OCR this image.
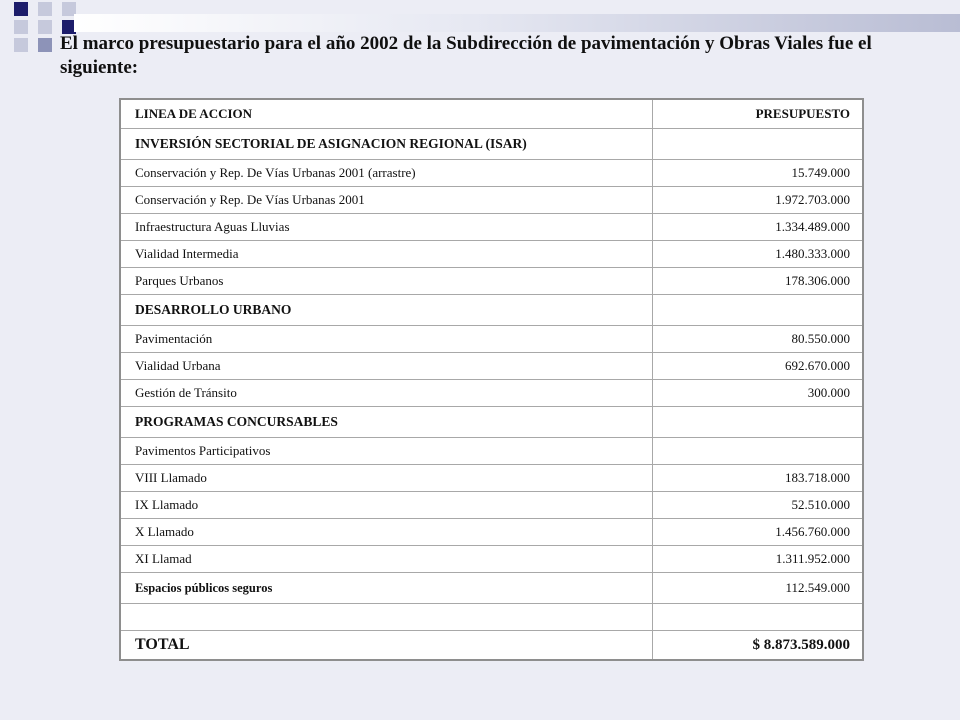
El marco presupuestario para el año 2002 de la Subdirección de pavimentación y Obras Viales fue el siguiente:
LINEA DE ACCION	PRESUPUESTO
INVERSIÓN SECTORIAL DE ASIGNACION REGIONAL (ISAR)	
Conservación y Rep. De Vías Urbanas 2001 (arrastre)	15.749.000
Conservación y Rep. De Vías Urbanas 2001	1.972.703.000
Infraestructura Aguas Lluvias	1.334.489.000
Vialidad Intermedia	1.480.333.000
Parques Urbanos	178.306.000
DESARROLLO URBANO	
Pavimentación	80.550.000
Vialidad Urbana	692.670.000
Gestión de Tránsito	300.000
PROGRAMAS CONCURSABLES	
Pavimentos Participativos	
VIII Llamado	183.718.000
IX Llamado	52.510.000
X Llamado	1.456.760.000
XI Llamad	1.311.952.000
Espacios públicos seguros	112.549.000

TOTAL	$ 8.873.589.000
